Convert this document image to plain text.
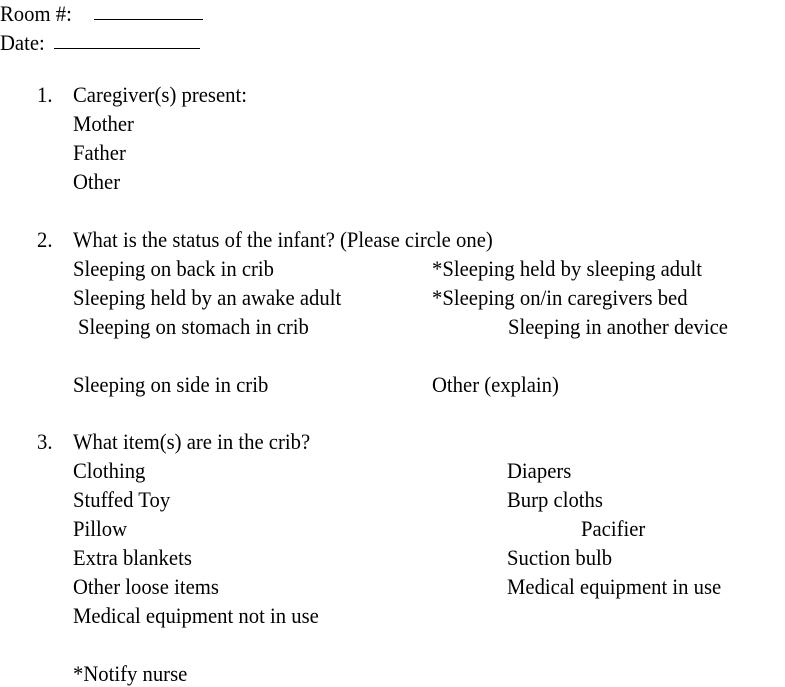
Room #:
Date:
1. Caregiver(s) present:
Mother
Father
Other
2. What is the status of the infant? (Please circle one)
Sleeping on back in crib	*Sleeping held by sleeping adult
Sleeping held by an awake adult	*Sleeping on/in caregivers bed
Sleeping on stomach in crib	Sleeping in another device
Sleeping on side in crib	Other (explain)
3. What item(s) are in the crib?
Clothing	Diapers
Stuffed Toy	Burp cloths
Pillow	Pacifier
Extra blankets	Suction bulb
Other loose items	Medical equipment in use
Medical equipment not in use
*Notify nurse
